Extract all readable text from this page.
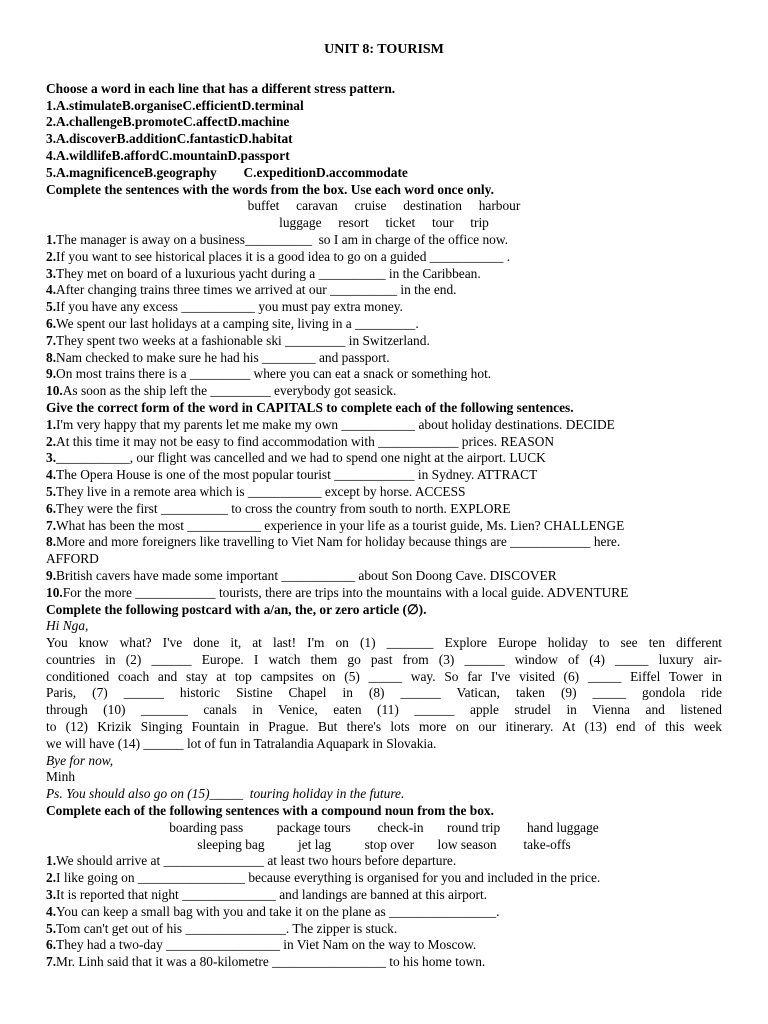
UNIT 8: TOURISM
Choose a word in each line that has a different stress pattern.
1.A.stimulateB.organiseC.efficientD.terminal
2.A.challengeB.promoteC.affectD.machine
3.A.discoverB.additionC.fantasticD.habitat
4.A.wildlifeB.affordC.mountainD.passport
5.A.magnificenceB.geography        C.expeditionD.accommodate
Complete the sentences with the words from the box. Use each word once only.
buffet     caravan     cruise     destination     harbour
luggage     resort     ticket     tour     trip
1.The manager is away on a business__________  so I am in charge of the office now.
2.If you want to see historical places it is a good idea to go on a guided ___________ .
3.They met on board of a luxurious yacht during a __________ in the Caribbean.
4.After changing trains three times we arrived at our __________ in the end.
5.If you have any excess ___________ you must pay extra money.
6.We spent our last holidays at a camping site, living in a _________.
7.They spent two weeks at a fashionable ski _________ in Switzerland.
8.Nam checked to make sure he had his ________ and passport.
9.On most trains there is a _________ where you can eat a snack or something hot.
10.As soon as the ship left the _________ everybody got seasick.
Give the correct form of the word in CAPITALS to complete each of the following sentences.
1.I'm very happy that my parents let me make my own ___________ about holiday destinations. DECIDE
2.At this time it may not be easy to find accommodation with ____________ prices. REASON
3.___________, our flight was cancelled and we had to spend one night at the airport. LUCK
4.The Opera House is one of the most popular tourist ____________ in Sydney. ATTRACT
5.They live in a remote area which is ___________ except by horse. ACCESS
6.They were the first __________ to cross the country from south to north. EXPLORE
7.What has been the most ___________ experience in your life as a tourist guide, Ms. Lien? CHALLENGE
8.More and more foreigners like travelling to Viet Nam for holiday because things are ____________ here.
AFFORD
9.British cavers have made some important ___________ about Son Doong Cave. DISCOVER
10.For the more ____________ tourists, there are trips into the mountains with a local guide. ADVENTURE
Complete the following postcard with a/an, the, or zero article (∅).
Hi Nga,
You know what? I've done it, at last! I'm on (1) _______ Explore Europe holiday to see ten different
countries in (2) ______ Europe. I watch them go past from (3) ______ window of (4) _____ luxury air-
conditioned coach and stay at top campsites on (5) _____ way. So far I've visited (6) _____ Eiffel Tower in
Paris, (7) ______ historic Sistine Chapel in (8) ______ Vatican, taken (9) _____ gondola ride
through (10) _______ canals in Venice, eaten (11) ______ apple strudel in Vienna and listened
to (12) Krizik Singing Fountain in Prague. But there's lots more on our itinerary. At (13) end of this week
we will have (14) ______ lot of fun in Tatralandia Aquapark in Slovakia.
Bye for now,
Minh
Ps. You should also go on (15)_____  touring holiday in the future.
Complete each of the following sentences with a compound noun from the box.
boarding pass          package tours        check-in       round trip        hand luggage
sleeping bag          jet lag          stop over       low season        take-offs
1.We should arrive at _______________ at least two hours before departure.
2.I like going on ________________ because everything is organised for you and included in the price.
3.It is reported that night ______________ and landings are banned at this airport.
4.You can keep a small bag with you and take it on the plane as ________________.
5.Tom can't get out of his _______________. The zipper is stuck.
6.They had a two-day _________________ in Viet Nam on the way to Moscow.
7.Mr. Linh said that it was a 80-kilometre _________________ to his home town.
